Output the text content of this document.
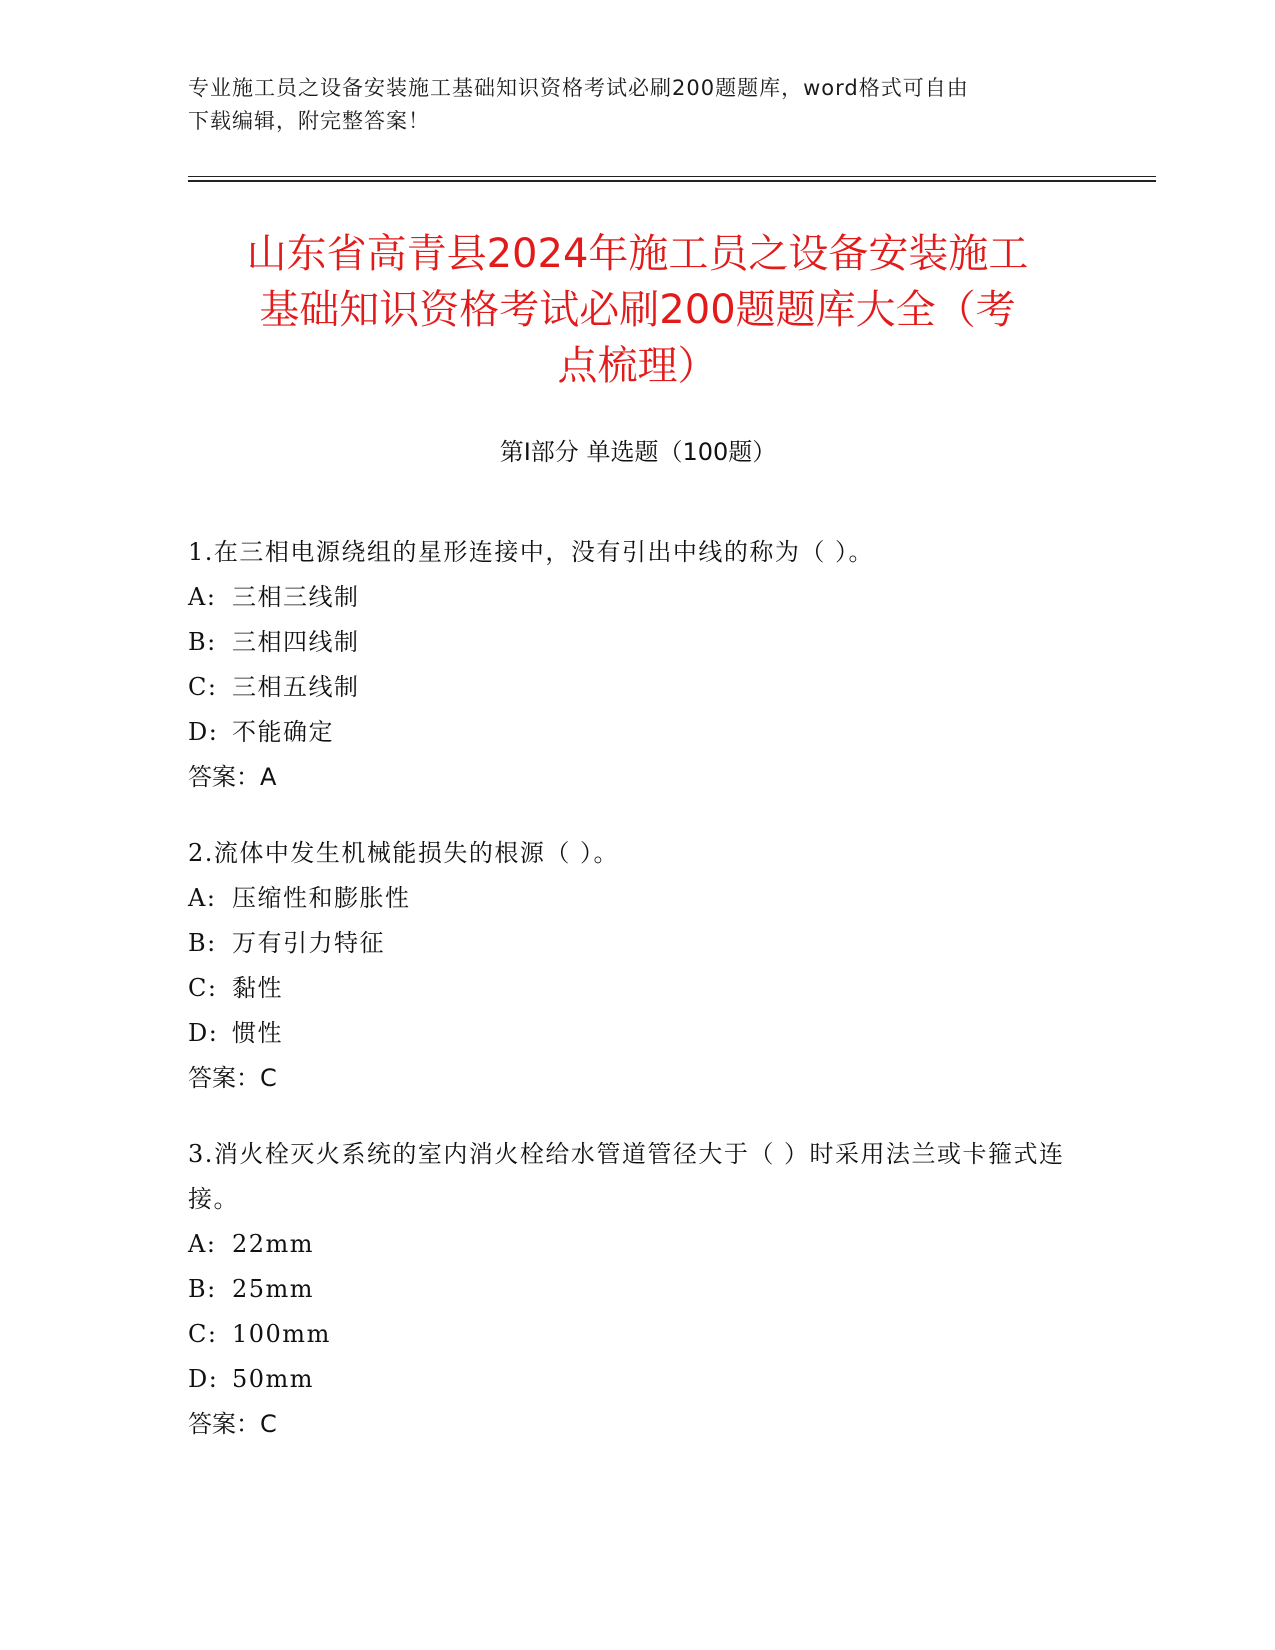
专业施工员之设备安装施工基础知识资格考试必刷200题题库，word格式可自由
下载编辑，附完整答案！
山东省高青县2024年施工员之设备安装施工
基础知识资格考试必刷200题题库大全（考
点梳理）
第Ⅰ部分 单选题（100题）

1.在三相电源绕组的星形连接中，没有引出中线的称为（ ）。

A: 三相三线制

B: 三相四线制

C: 三相五线制

D: 不能确定

答案：A

2.流体中发生机械能损失的根源（ ）。

A: 压缩性和膨胀性

B: 万有引力特征

C: 黏性

D: 惯性

答案：C

3.消火栓灭火系统的室内消火栓给水管道管径大于（ ）时采用法兰或卡箍式连接。

A: 22mm

B: 25mm

C: 100mm

D: 50mm

答案：C
